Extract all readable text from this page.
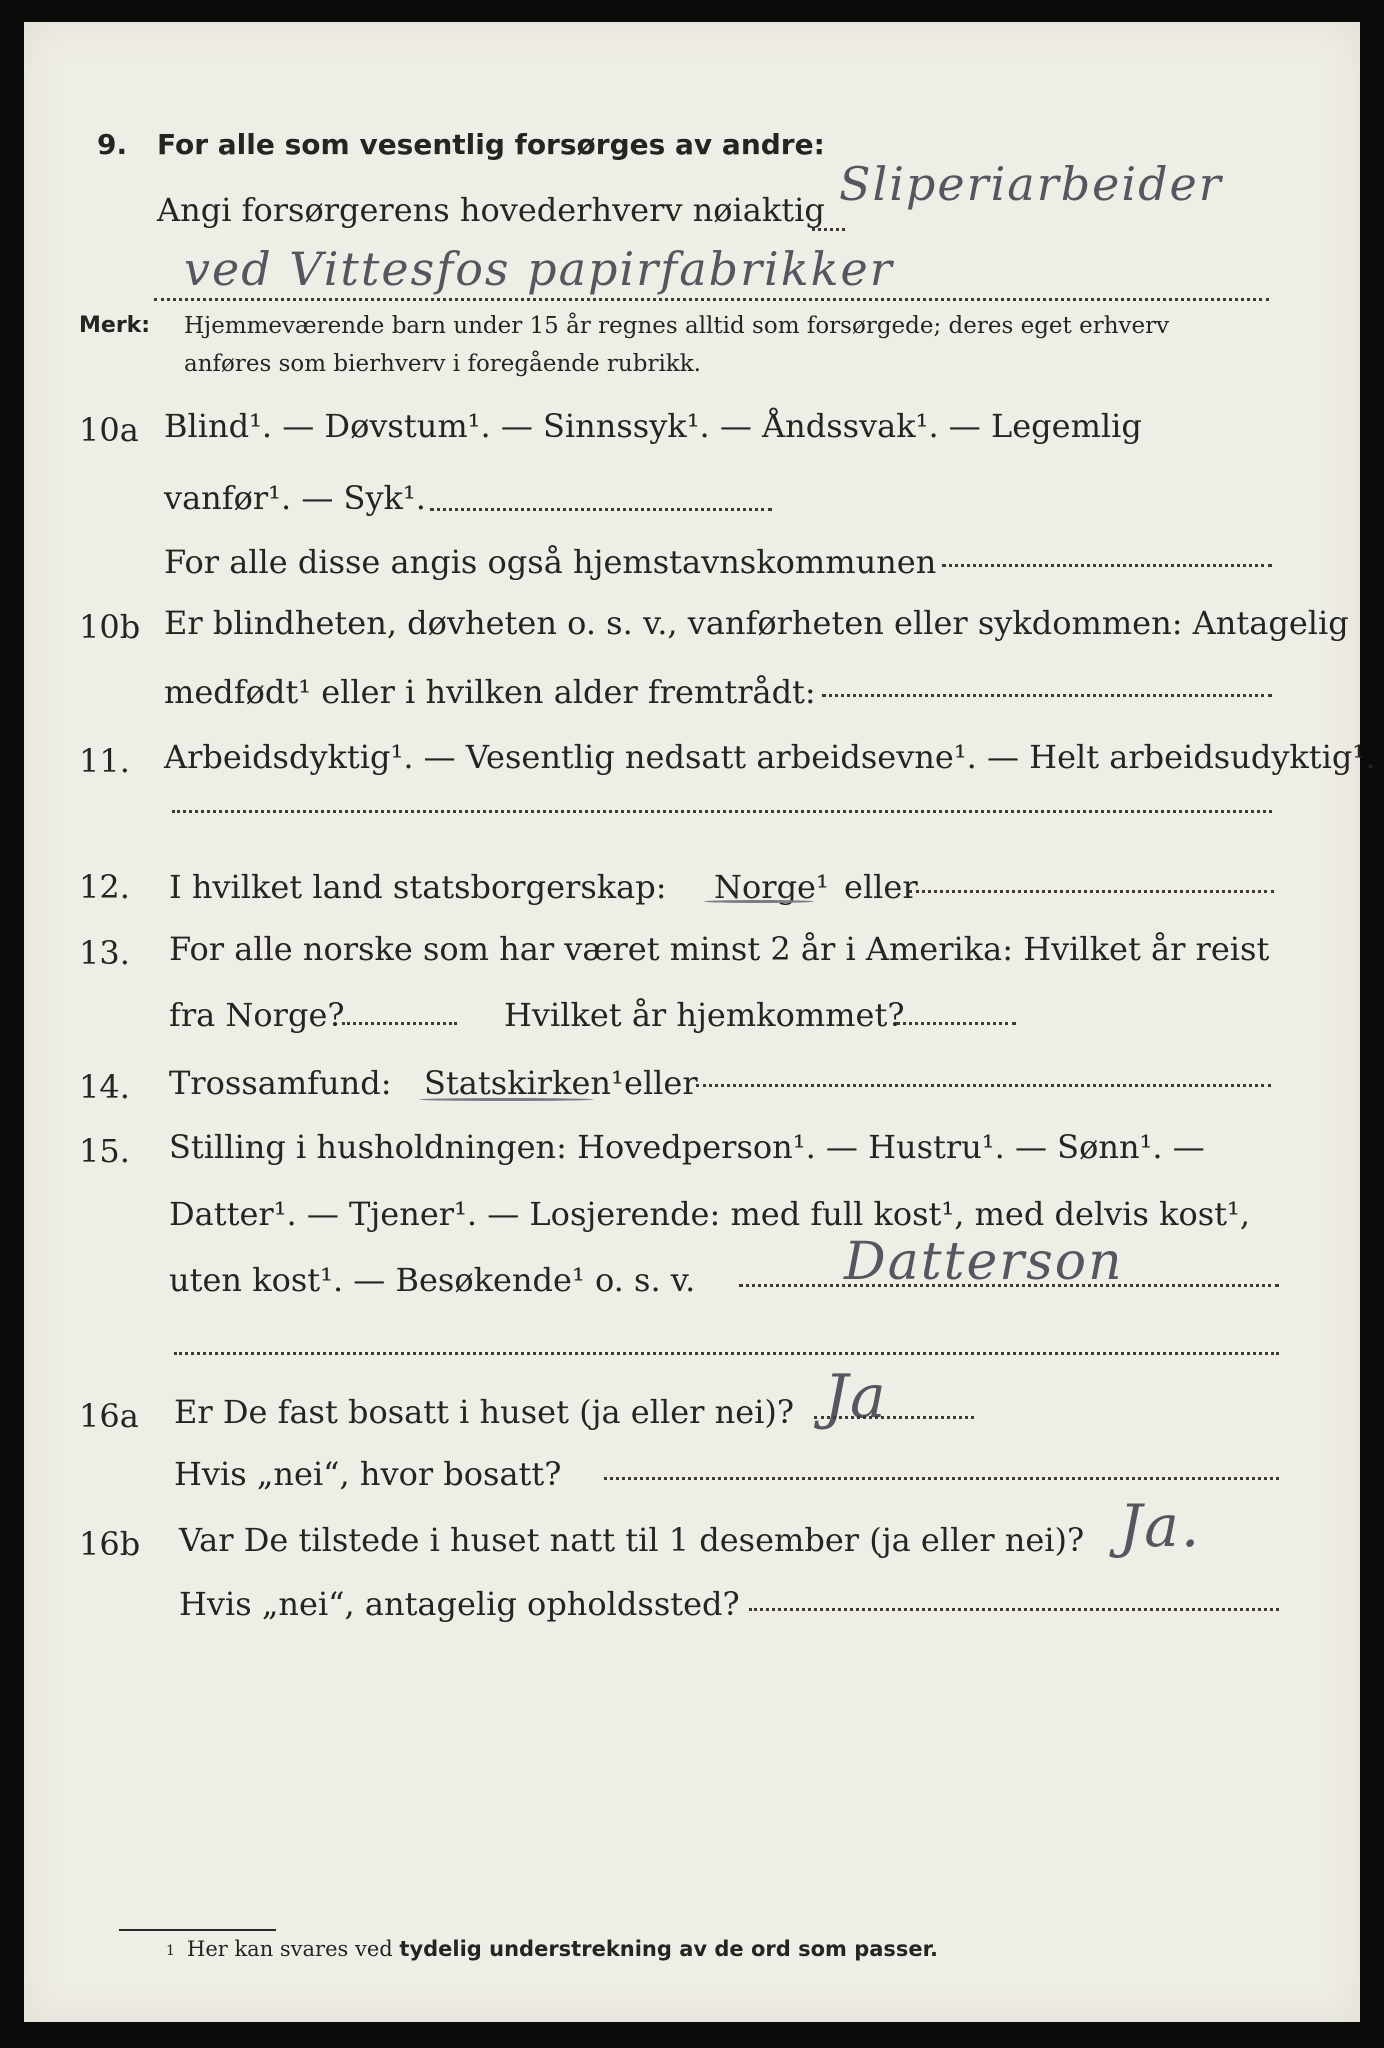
9. For alle som vesentlig forsørges av andre:
Sliperiarbeider
Angi forsørgerens hovederhverv nøiaktig
ved Vittesfos papirfabrikker
Merk: Hjemmeværende barn under 15 år regnes alltid som forsørgede; deres eget erhverv
anføres som bierhverv i foregående rubrikk.
10a Blind¹. — Døvstum¹. — Sinnssyk¹. — Åndssvak¹. — Legemlig
vanfør¹. — Syk¹.
For alle disse angis også hjemstavnskommunen
10b Er blindheten, døvheten o. s. v., vanførheten eller sykdommen: Antagelig
medfødt¹ eller i hvilken alder fremtrådt:
11. Arbeidsdyktig¹. — Vesentlig nedsatt arbeidsevne¹. — Helt arbeidsudyktig¹.
12. I hvilket land statsborgerskap: Norge¹ eller
13. For alle norske som har været minst 2 år i Amerika: Hvilket år reist
fra Norge?	Hvilket år hjemkommet?
14. Trossamfund: Statskirken¹ eller
15. Stilling i husholdningen: Hovedperson¹. — Hustru¹. — Sønn¹. —
Datter¹. — Tjener¹. — Losjerende: med full kost¹, med delvis kost¹,
uten kost¹. — Besøkende¹ o. s. v.	Datterson
16a Er De fast bosatt i huset (ja eller nei)? Ja
Hvis „nei“, hvor bosatt?
16b Var De tilstede i huset natt til 1 desember (ja eller nei)? Ja.
Hvis „nei“, antagelig opholdssted?
1 Her kan svares ved tydelig understrekning av de ord som passer.
